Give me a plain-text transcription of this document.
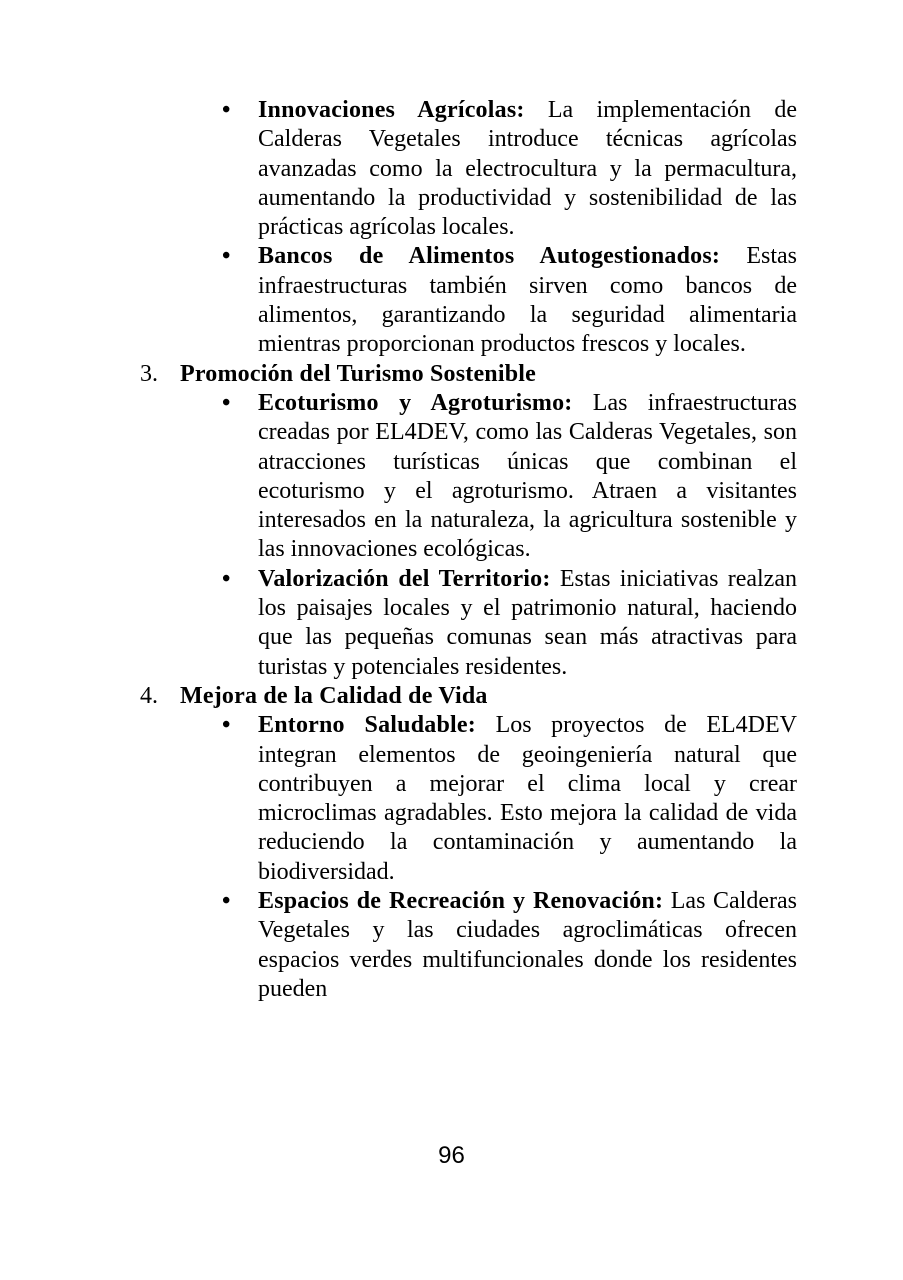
•	Innovaciones Agrícolas: La implementación de Calderas Vegetales introduce técnicas agrícolas avanzadas como la electrocultura y la permacultura, aumentando la productividad y sostenibilidad de las prácticas agrícolas locales.

•	Bancos de Alimentos Autogestionados: Estas infraestructuras también sirven como bancos de alimentos, garantizando la seguridad alimentaria mientras proporcionan productos frescos y locales.

3. Promoción del Turismo Sostenible
•	Ecoturismo y Agroturismo: Las infraestructuras creadas por EL4DEV, como las Calderas Vegetales, son atracciones turísticas únicas que combinan el ecoturismo y el agroturismo. Atraen a visitantes interesados en la naturaleza, la agricultura sostenible y las innovaciones ecológicas.

•	Valorización del Territorio: Estas iniciativas realzan los paisajes locales y el patrimonio natural, haciendo que las pequeñas comunas sean más atractivas para turistas y potenciales residentes.

4. Mejora de la Calidad de Vida
•	Entorno Saludable: Los proyectos de EL4DEV integran elementos de geoingeniería natural que contribuyen a mejorar el clima local y crear microclimas agradables. Esto mejora la calidad de vida reduciendo la contaminación y aumentando la biodiversidad.

•	Espacios de Recreación y Renovación: Las Calderas Vegetales y las ciudades agroclimáticas ofrecen espacios verdes multifuncionales donde los residentes pueden

96
